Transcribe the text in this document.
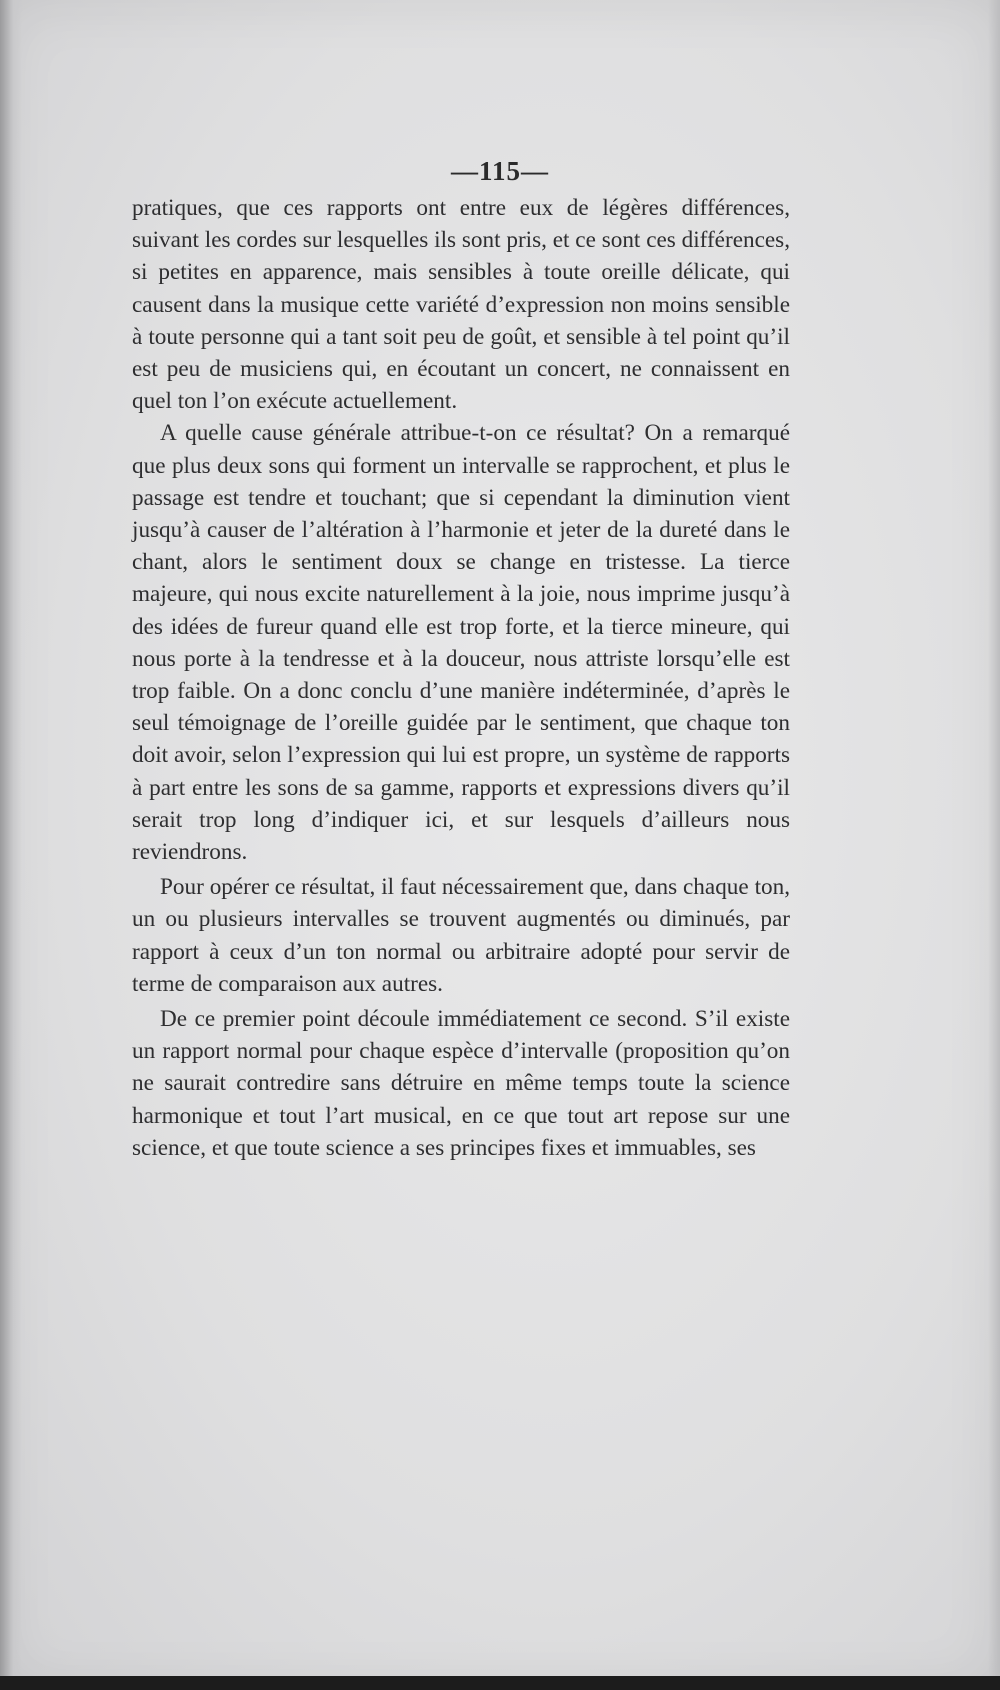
—115—

pratiques, que ces rapports ont entre eux de légères différences, suivant les cordes sur lesquelles ils sont pris, et ce sont ces différences, si petites en apparence, mais sensibles à toute oreille délicate, qui causent dans la musique cette variété d’expression non moins sensible à toute personne qui a tant soit peu de goût, et sensible à tel point qu’il est peu de musiciens qui, en écoutant un concert, ne connaissent en quel ton l’on exécute actuellement.

A quelle cause générale attribue-t-on ce résultat? On a remarqué que plus deux sons qui forment un intervalle se rapprochent, et plus le passage est tendre et touchant; que si cependant la diminution vient jusqu’à causer de l’altération à l’harmonie et jeter de la dureté dans le chant, alors le sentiment doux se change en tristesse. La tierce majeure, qui nous excite naturellement à la joie, nous imprime jusqu’à des idées de fureur quand elle est trop forte, et la tierce mineure, qui nous porte à la tendresse et à la douceur, nous attriste lorsqu’elle est trop faible. On a donc conclu d’une manière indéterminée, d’après le seul témoignage de l’oreille guidée par le sentiment, que chaque ton doit avoir, selon l’expression qui lui est propre, un système de rapports à part entre les sons de sa gamme, rapports et expressions divers qu’il serait trop long d’indiquer ici, et sur lesquels d’ailleurs nous reviendrons.

Pour opérer ce résultat, il faut nécessairement que, dans chaque ton, un ou plusieurs intervalles se trouvent augmentés ou diminués, par rapport à ceux d’un ton normal ou arbitraire adopté pour servir de terme de comparaison aux autres.

De ce premier point découle immédiatement ce second. S’il existe un rapport normal pour chaque espèce d’intervalle (proposition qu’on ne saurait contredire sans détruire en même temps toute la science harmonique et tout l’art musical, en ce que tout art repose sur une science, et que toute science a ses principes fixes et immuables, ses
